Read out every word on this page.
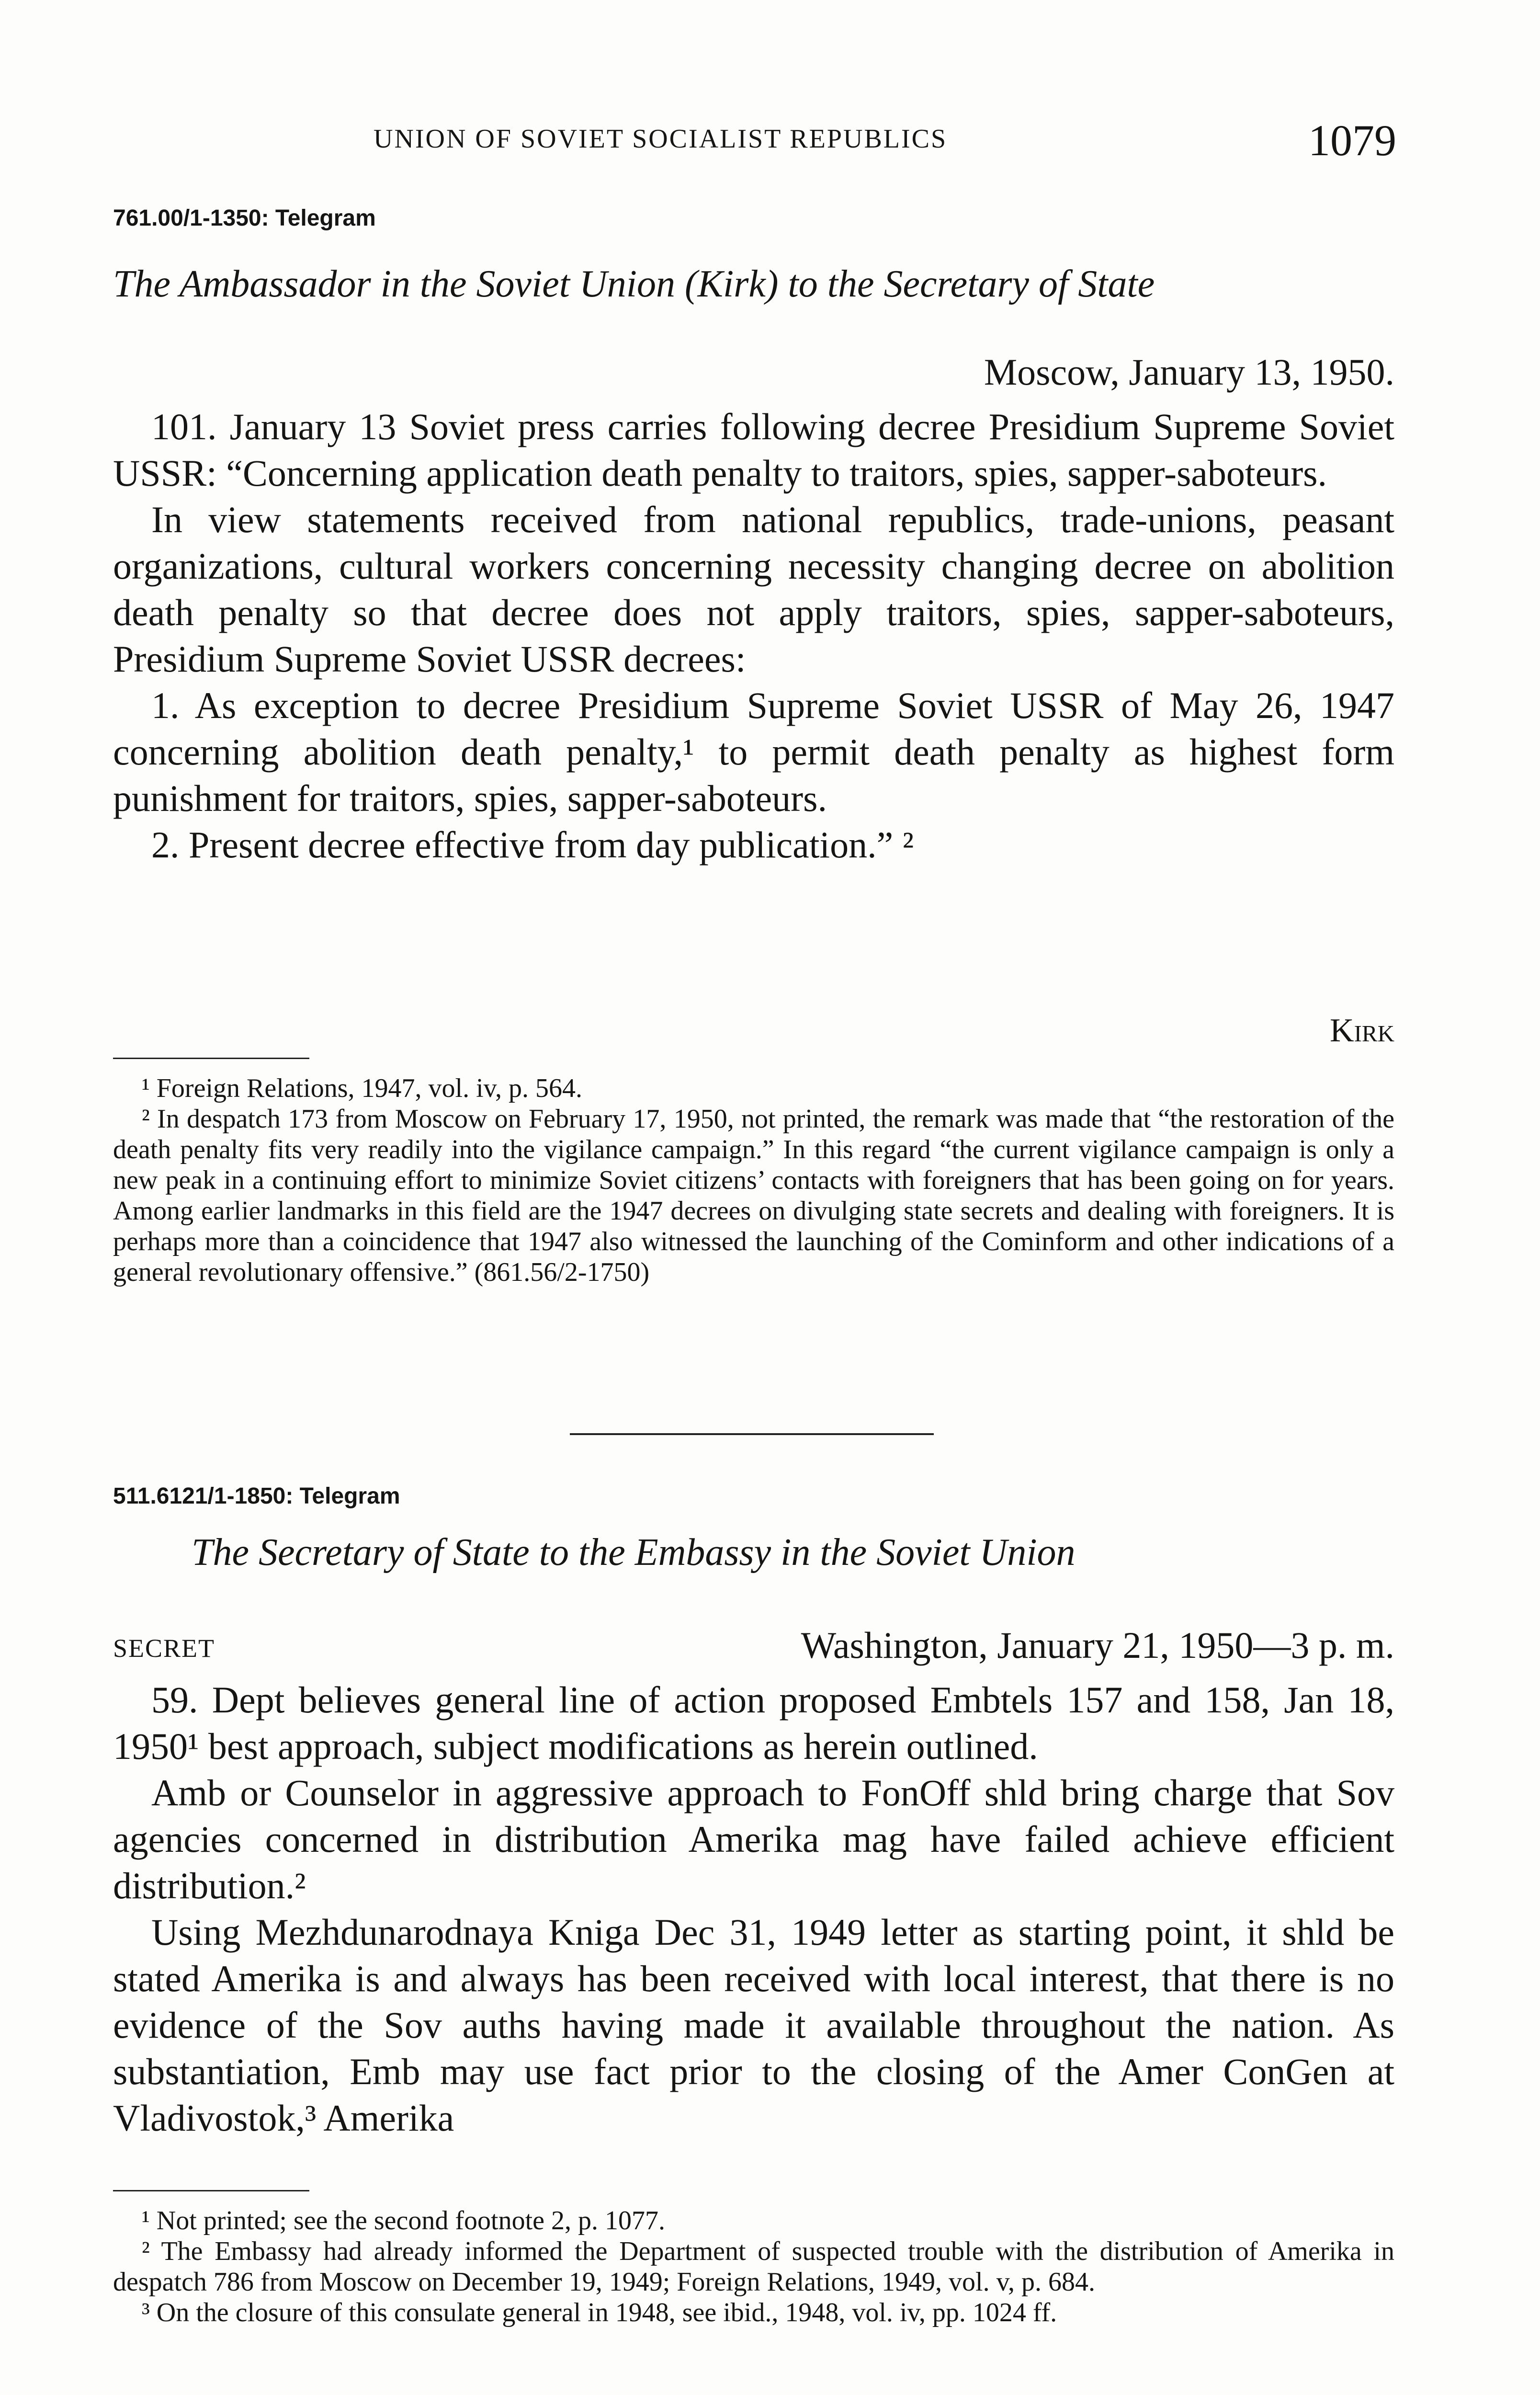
UNION OF SOVIET SOCIALIST REPUBLICS	1079
761.00/1-1350: Telegram
The Ambassador in the Soviet Union (Kirk) to the Secretary of State
Moscow, January 13, 1950.

101. January 13 Soviet press carries following decree Presidium Supreme Soviet USSR: “Concerning application death penalty to traitors, spies, sapper-saboteurs.

In view statements received from national republics, trade-unions, peasant organizations, cultural workers concerning necessity changing decree on abolition death penalty so that decree does not apply traitors, spies, sapper-saboteurs, Presidium Supreme Soviet USSR decrees:

1. As exception to decree Presidium Supreme Soviet USSR of May 26, 1947 concerning abolition death penalty,¹ to permit death penalty as highest form punishment for traitors, spies, sapper-saboteurs.

2. Present decree effective from day publication.” ²

Kirk

¹ Foreign Relations, 1947, vol. iv, p. 564.

² In despatch 173 from Moscow on February 17, 1950, not printed, the remark was made that “the restoration of the death penalty fits very readily into the vigilance campaign.” In this regard “the current vigilance campaign is only a new peak in a continuing effort to minimize Soviet citizens’ contacts with foreigners that has been going on for years. Among earlier landmarks in this field are the 1947 decrees on divulging state secrets and dealing with foreigners. It is perhaps more than a coincidence that 1947 also witnessed the launching of the Cominform and other indications of a general revolutionary offensive.” (861.56/2-1750)

511.6121/1-1850: Telegram
The Secretary of State to the Embassy in the Soviet Union
SECRET	Washington, January 21, 1950—3 p. m.

59. Dept believes general line of action proposed Embtels 157 and 158, Jan 18, 1950¹ best approach, subject modifications as herein outlined.

Amb or Counselor in aggressive approach to FonOff shld bring charge that Sov agencies concerned in distribution Amerika mag have failed achieve efficient distribution.²

Using Mezhdunarodnaya Kniga Dec 31, 1949 letter as starting point, it shld be stated Amerika is and always has been received with local interest, that there is no evidence of the Sov auths having made it available throughout the nation. As substantiation, Emb may use fact prior to the closing of the Amer ConGen at Vladivostok,³ Amerika

¹ Not printed; see the second footnote 2, p. 1077.

² The Embassy had already informed the Department of suspected trouble with the distribution of Amerika in despatch 786 from Moscow on December 19, 1949; Foreign Relations, 1949, vol. v, p. 684.

³ On the closure of this consulate general in 1948, see ibid., 1948, vol. iv, pp. 1024 ff.
